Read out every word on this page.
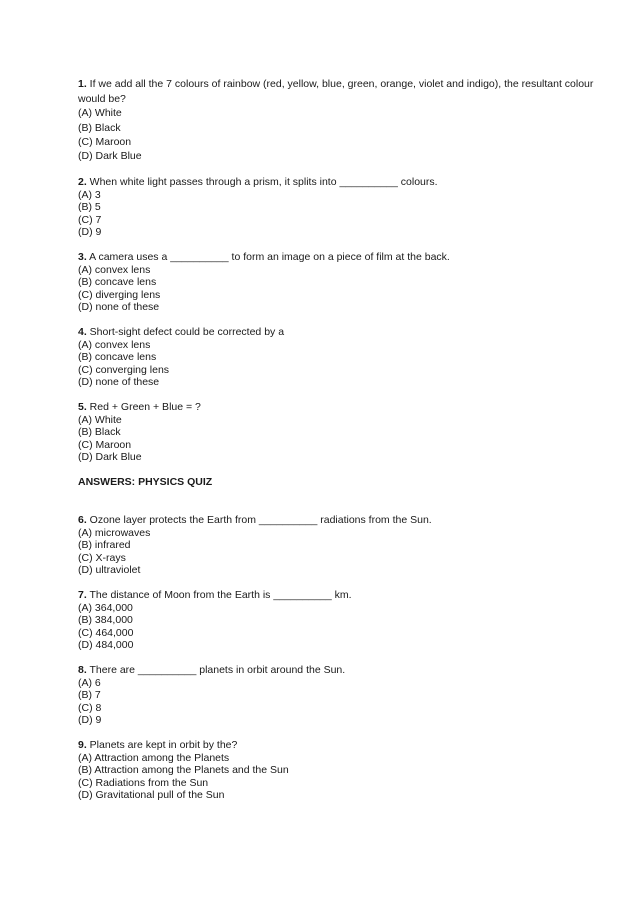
1. If we add all the 7 colours of rainbow (red, yellow, blue, green, orange, violet and indigo), the resultant colour would be?

(A) White
(B) Black
(C) Maroon
(D) Dark Blue

2. When white light passes through a prism, it splits into __________ colours.

(A) 3
(B) 5
(C) 7
(D) 9

3. A camera uses a __________ to form an image on a piece of film at the back.

(A) convex lens
(B) concave lens
(C) diverging lens
(D) none of these

4. Short-sight defect could be corrected by a

(A) convex lens
(B) concave lens
(C) converging lens
(D) none of these

5. Red + Green + Blue = ?

(A) White
(B) Black
(C) Maroon
(D) Dark Blue

ANSWERS: PHYSICS QUIZ

6. Ozone layer protects the Earth from __________ radiations from the Sun.

(A) microwaves
(B) infrared
(C) X-rays
(D) ultraviolet

7. The distance of Moon from the Earth is __________ km.

(A) 364,000
(B) 384,000
(C) 464,000
(D) 484,000

8. There are __________ planets in orbit around the Sun.

(A) 6
(B) 7
(C) 8
(D) 9

9. Planets are kept in orbit by the?

(A) Attraction among the Planets
(B) Attraction among the Planets and the Sun
(C) Radiations from the Sun
(D) Gravitational pull of the Sun
